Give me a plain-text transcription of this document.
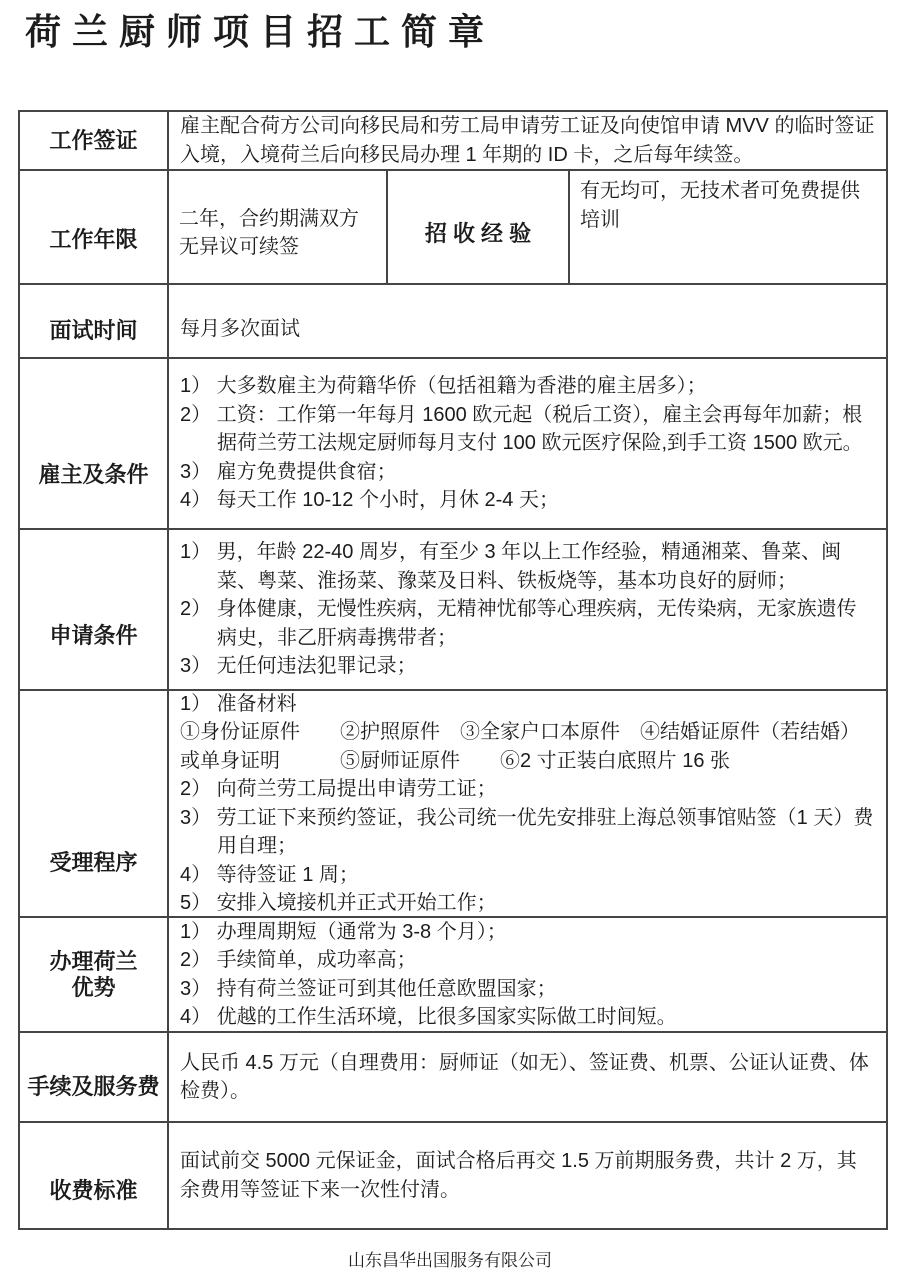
荷 兰 厨 师 项 目 招 工 简 章
工作签证
雇主配合荷方公司向移民局和劳工局申请劳工证及向使馆申请 MVV 的临时签证入境，入境荷兰后向移民局办理 1 年期的 ID 卡，之后每年续签。
工作年限
二年，合约期满双方无异议可续签
招 收 经 验
有无均可，无技术者可免费提供培训
面试时间 每月多次面试
雇主及条件
1） 大多数雇主为荷籍华侨（包括祖籍为香港的雇主居多）；
2） 工资：工作第一年每月 1600 欧元起（税后工资），雇主会再每年加薪；根据荷兰劳工法规定厨师每月支付 100 欧元医疗保险,到手工资 1500 欧元。
3） 雇方免费提供食宿；
4） 每天工作 10-12 个小时，月休 2-4 天；
申请条件
1） 男，年龄 22-40 周岁，有至少 3 年以上工作经验，精通湘菜、鲁菜、闽菜、粤菜、淮扬菜、豫菜及日料、铁板烧等，基本功良好的厨师；
2） 身体健康，无慢性疾病，无精神忧郁等心理疾病，无传染病，无家族遗传病史，非乙肝病毒携带者；
3） 无任何违法犯罪记录；
受理程序
1） 准备材料
①身份证原件　　②护照原件　③全家户口本原件　④结婚证原件（若结婚）
或单身证明　　　⑤厨师证原件　　⑥2 寸正装白底照片 16 张
2） 向荷兰劳工局提出申请劳工证；
3） 劳工证下来预约签证，我公司统一优先安排驻上海总领事馆贴签（1 天）费用自理；
4） 等待签证 1 周；
5） 安排入境接机并正式开始工作；
办理荷兰优势
1） 办理周期短（通常为 3-8 个月）；
2） 手续简单，成功率高；
3） 持有荷兰签证可到其他任意欧盟国家；
4） 优越的工作生活环境，比很多国家实际做工时间短。
手续及服务费
人民币 4.5 万元（自理费用：厨师证（如无）、签证费、机票、公证认证费、体检费）。
收费标准
面试前交 5000 元保证金，面试合格后再交 1.5 万前期服务费，共计 2 万，其余费用等签证下来一次性付清。
山东昌华出国服务有限公司
